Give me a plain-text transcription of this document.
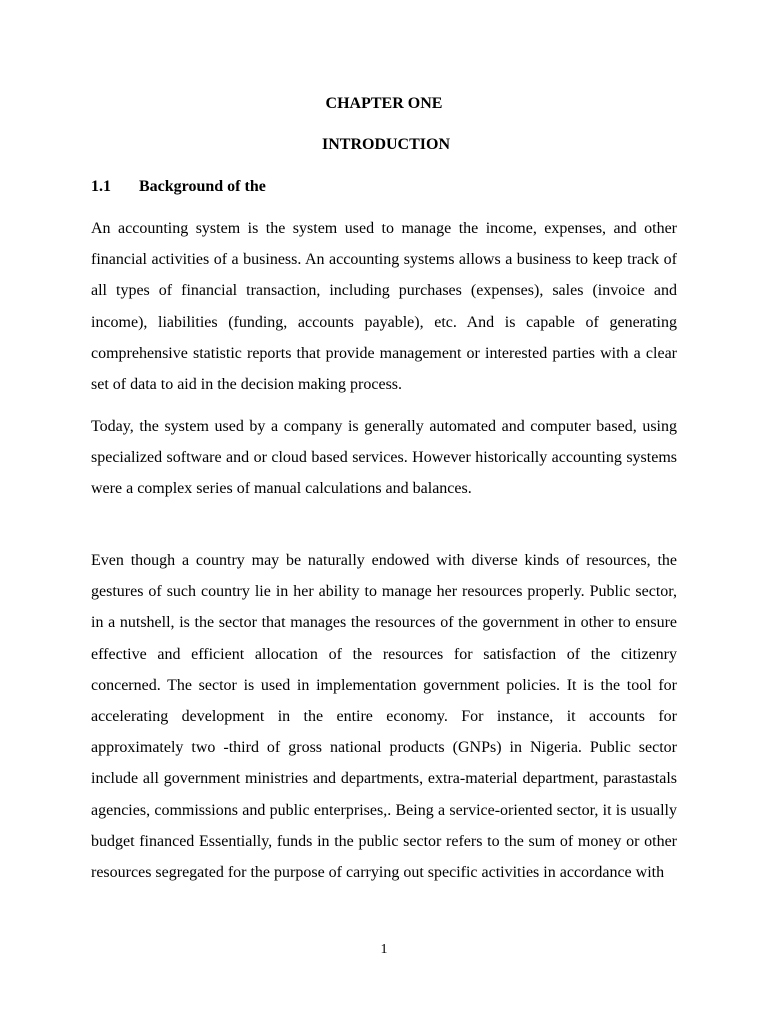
CHAPTER ONE
INTRODUCTION
1.1 Background of the

An accounting system is the system used to manage the income, expenses, and other financial activities of a business. An accounting systems allows a business to keep track of all types of financial transaction, including purchases (expenses), sales (invoice and income), liabilities (funding, accounts payable), etc. And is capable of generating comprehensive statistic reports that provide management or interested parties with a clear set of data to aid in the decision making process.

Today, the system used by a company is generally automated and computer based, using specialized software and or cloud based services. However historically accounting systems were a complex series of manual calculations and balances.

Even though a country may be naturally endowed with diverse kinds of resources, the gestures of such country lie in her ability to manage her resources properly. Public sector, in a nutshell, is the sector that manages the resources of the government in other to ensure effective and efficient allocation of the resources for satisfaction of the citizenry concerned. The sector is used in implementation government policies. It is the tool for accelerating development in the entire economy. For instance, it accounts for approximately two -third of gross national products (GNPs) in Nigeria. Public sector include all government ministries and departments, extra-material department, parastastals agencies, commissions and public enterprises,. Being a service-oriented sector, it is usually budget financed Essentially, funds in the public sector refers to the sum of money or other resources segregated for the purpose of carrying out specific activities in accordance with

1
